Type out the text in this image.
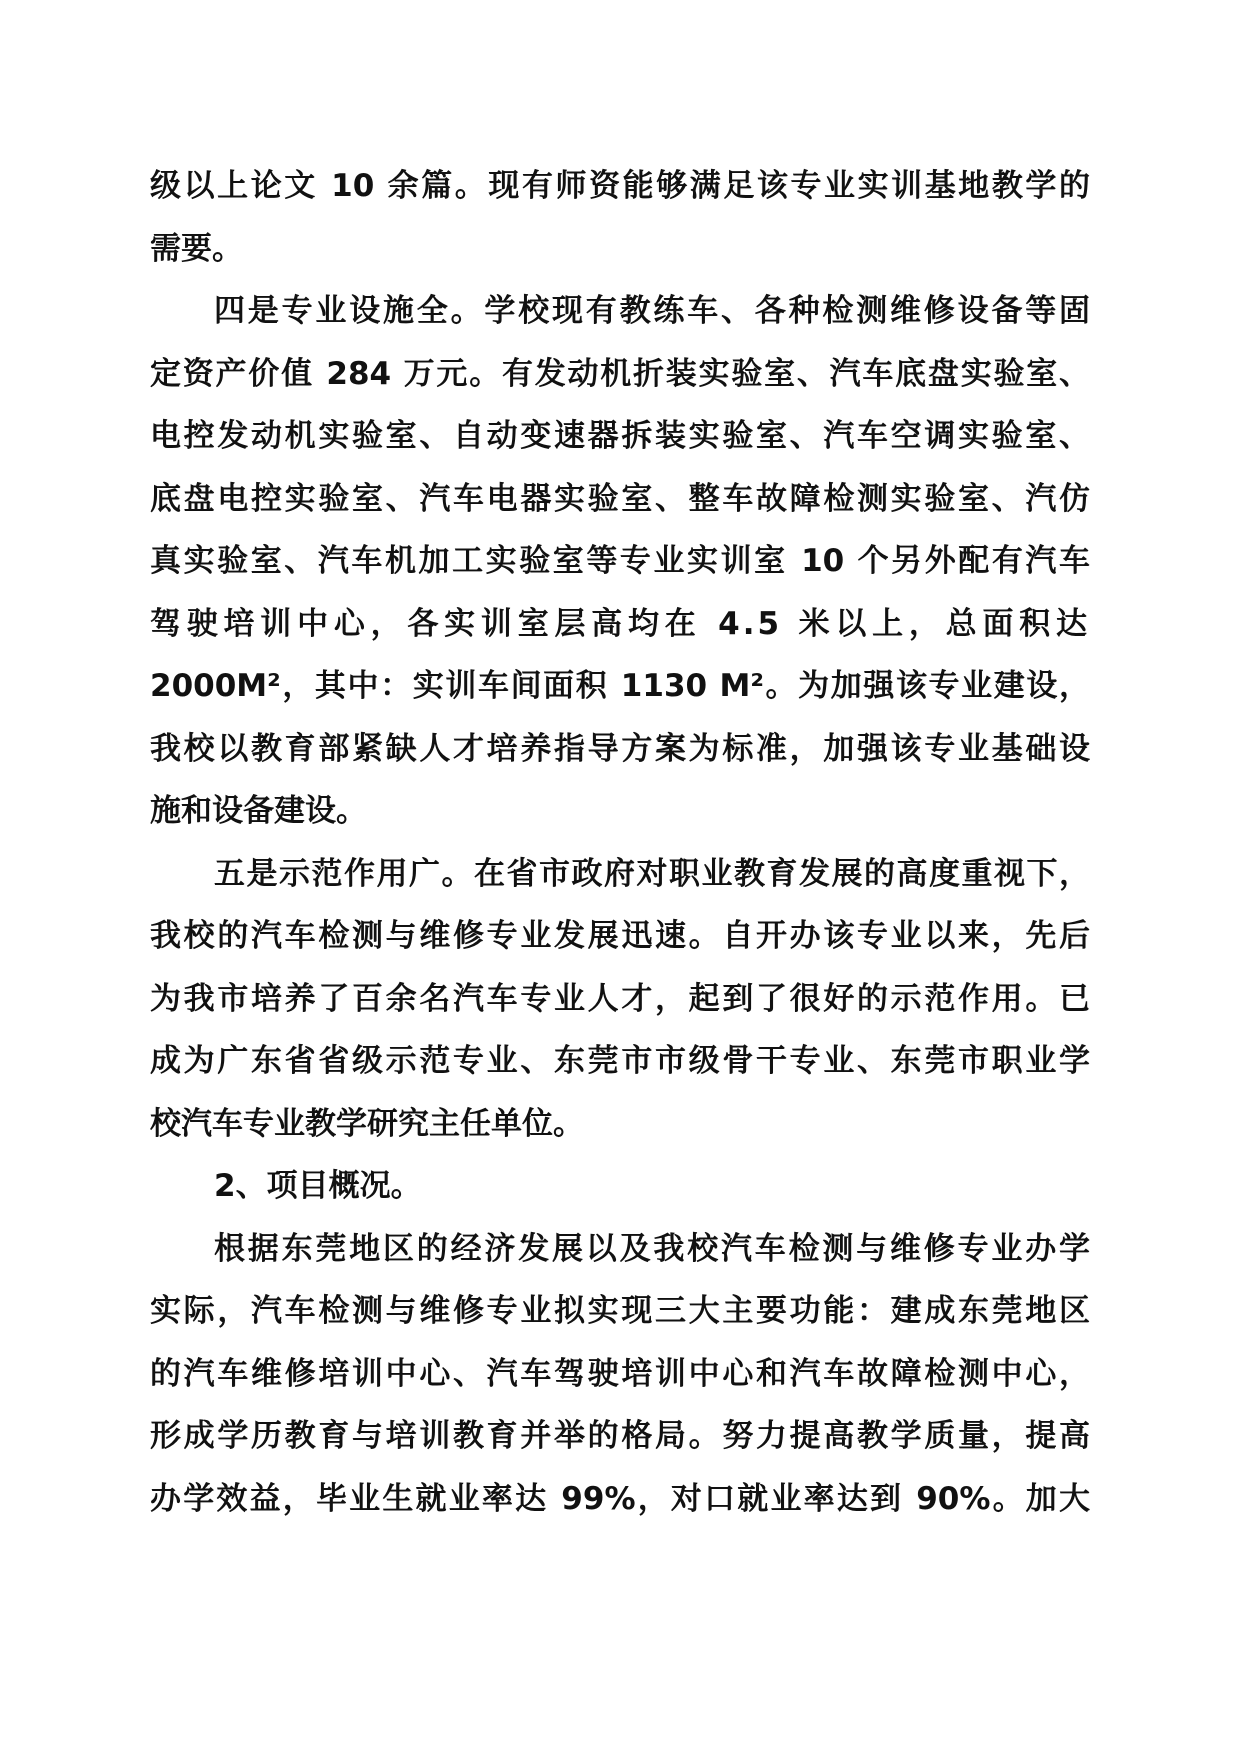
级以上论文 10 余篇。现有师资能够满足该专业实训基地教学的
需要。
四是专业设施全。学校现有教练车、各种检测维修设备等固
定资产价值 284 万元。有发动机折装实验室、汽车底盘实验室、
电控发动机实验室、自动变速器拆装实验室、汽车空调实验室、
底盘电控实验室、汽车电器实验室、整车故障检测实验室、汽仿
真实验室、汽车机加工实验室等专业实训室 10 个另外配有汽车
驾驶培训中心，各实训室层高均在 4.5 米以上，总面积达
2000M²，其中：实训车间面积 1130 M²。为加强该专业建设，
我校以教育部紧缺人才培养指导方案为标准，加强该专业基础设
施和设备建设。
五是示范作用广。在省市政府对职业教育发展的高度重视下，
我校的汽车检测与维修专业发展迅速。自开办该专业以来，先后
为我市培养了百余名汽车专业人才，起到了很好的示范作用。已
成为广东省省级示范专业、东莞市市级骨干专业、东莞市职业学
校汽车专业教学研究主任单位。
2、项目概况。
根据东莞地区的经济发展以及我校汽车检测与维修专业办学
实际，汽车检测与维修专业拟实现三大主要功能：建成东莞地区
的汽车维修培训中心、汽车驾驶培训中心和汽车故障检测中心，
形成学历教育与培训教育并举的格局。努力提高教学质量，提高
办学效益，毕业生就业率达 99%，对口就业率达到 90%。加大
